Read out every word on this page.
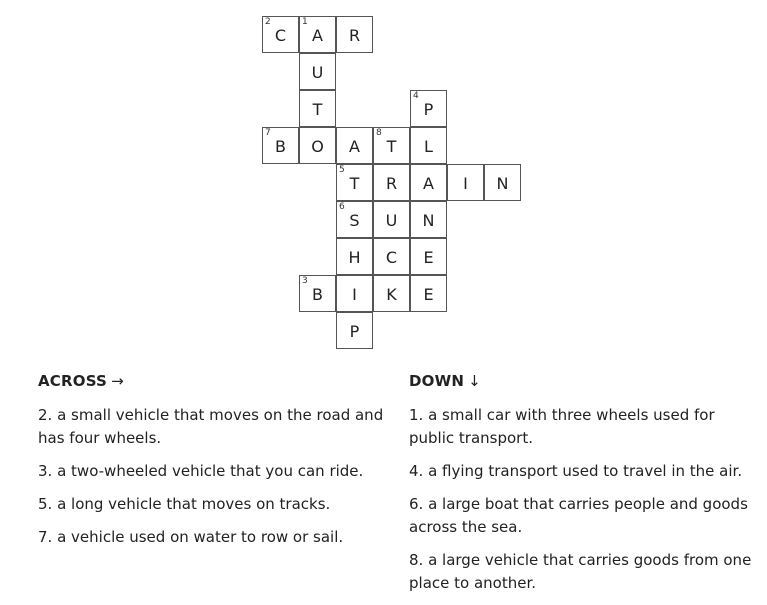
2
C
1
A	R
U
T
4
P
7
B	O	A
8
T	L
5
T	R	A	I	N
6
S	U	N
H	C	E
3
B	I	K	E
P
ACROSS →
2. a small vehicle that moves on the road and has four wheels.
3. a two-wheeled vehicle that you can ride.
5. a long vehicle that moves on tracks.
7. a vehicle used on water to row or sail.
DOWN ↓
1. a small car with three wheels used for public transport.
4. a flying transport used to travel in the air.
6. a large boat that carries people and goods across the sea.
8. a large vehicle that carries goods from one place to another.
